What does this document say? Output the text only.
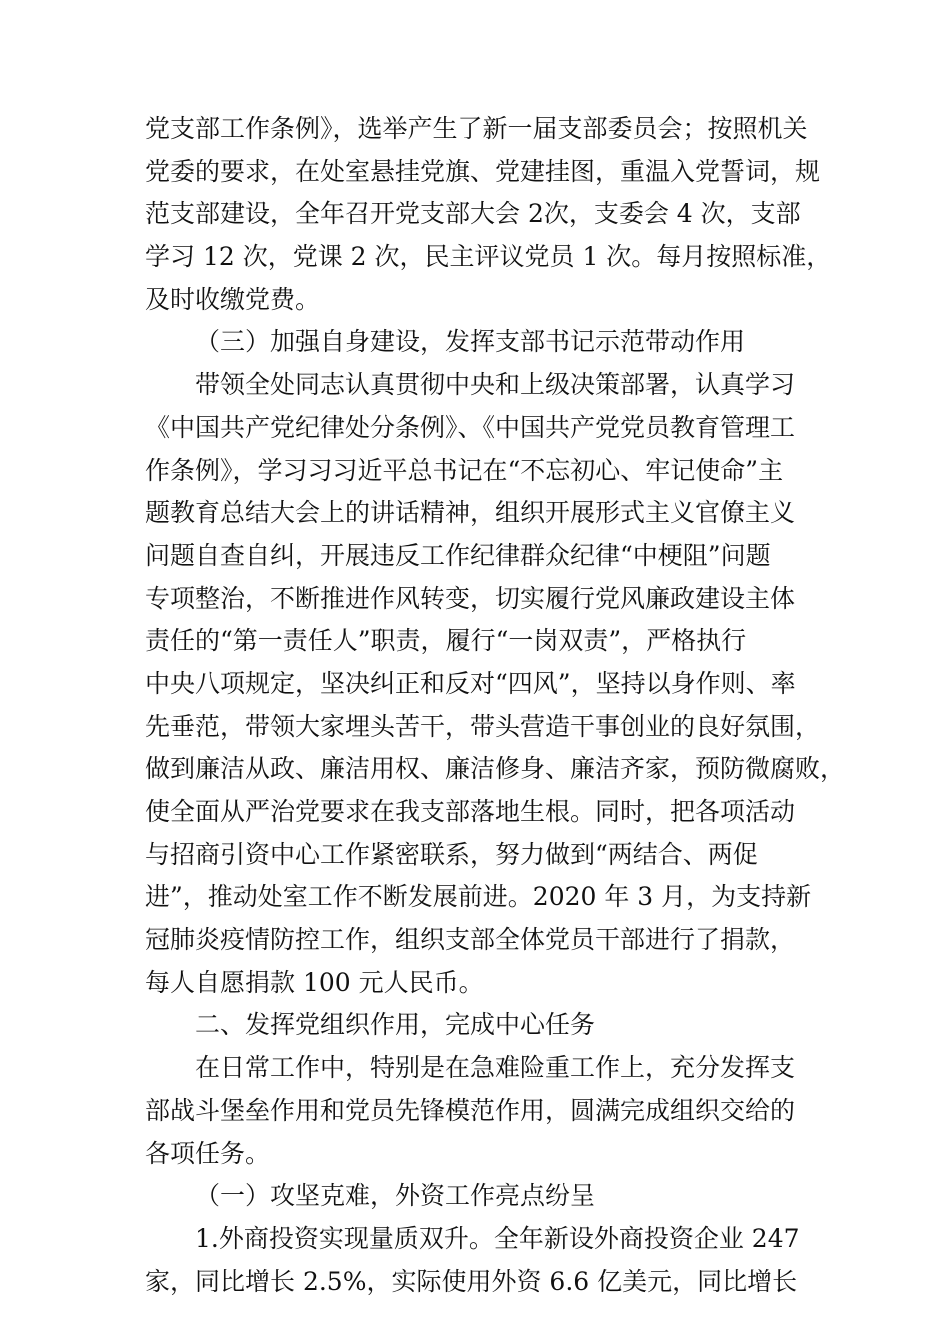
党支部工作条例》，选举产生了新一届支部委员会；按照机关
党委的要求，在处室悬挂党旗、党建挂图，重温入党誓词，规
范支部建设，全年召开党支部大会 2次，支委会 4 次，支部
学习 12 次，党课 2 次，民主评议党员 1 次。每月按照标准，
及时收缴党费。
（三）加强自身建设，发挥支部书记示范带动作用
带领全处同志认真贯彻中央和上级决策部署，认真学习
《中国共产党纪律处分条例》、《中国共产党党员教育管理工
作条例》，学习习习近平总书记在“不忘初心、牢记使命”主
题教育总结大会上的讲话精神，组织开展形式主义官僚主义
问题自查自纠，开展违反工作纪律群众纪律“中梗阻”问题
专项整治，不断推进作风转变，切实履行党风廉政建设主体
责任的“第一责任人”职责，履行“一岗双责”，严格执行
中央八项规定，坚决纠正和反对“四风”，坚持以身作则、率
先垂范，带领大家埋头苦干，带头营造干事创业的良好氛围，
做到廉洁从政、廉洁用权、廉洁修身、廉洁齐家，预防微腐败，
使全面从严治党要求在我支部落地生根。同时，把各项活动
与招商引资中心工作紧密联系，努力做到“两结合、两促
进”，推动处室工作不断发展前进。2020 年 3 月，为支持新
冠肺炎疫情防控工作，组织支部全体党员干部进行了捐款，
每人自愿捐款 100 元人民币。
二、发挥党组织作用，完成中心任务
在日常工作中，特别是在急难险重工作上，充分发挥支
部战斗堡垒作用和党员先锋模范作用，圆满完成组织交给的
各项任务。
（一）攻坚克难，外资工作亮点纷呈
1.外商投资实现量质双升。全年新设外商投资企业 247
家，同比增长 2.5%，实际使用外资 6.6 亿美元，同比增长
